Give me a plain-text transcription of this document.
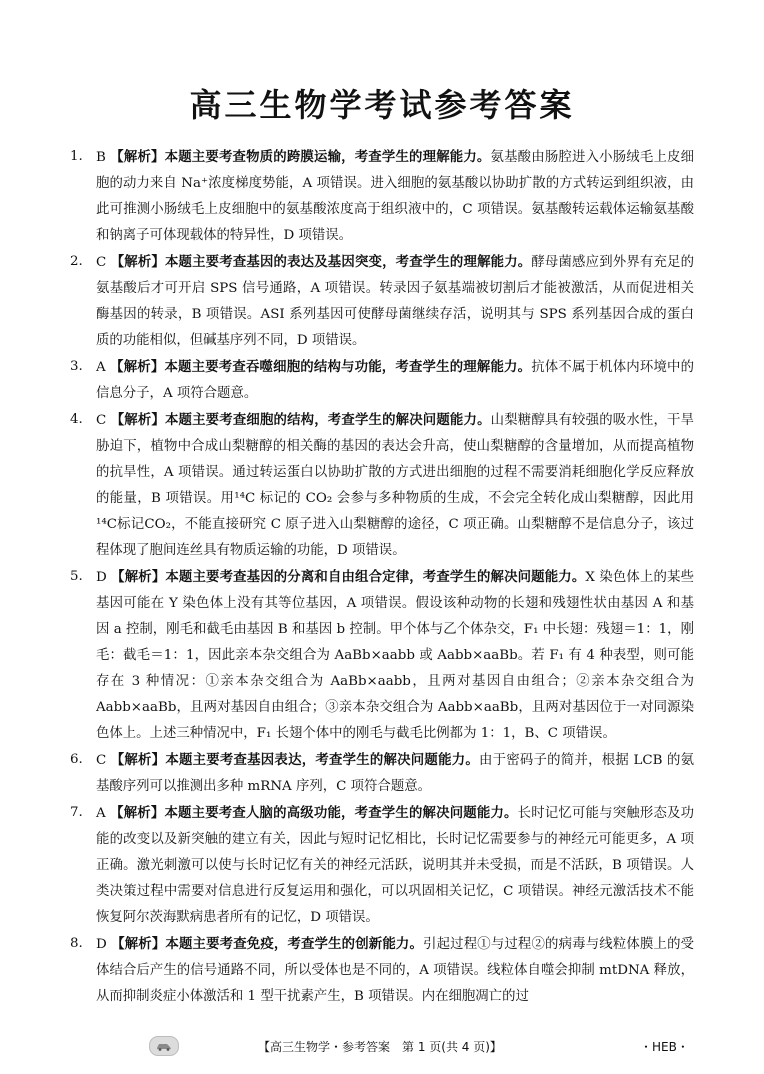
高三生物学考试参考答案

1. B 【解析】本题主要考查物质的跨膜运输，考查学生的理解能力。氨基酸由肠腔进入小肠绒毛上皮细胞的动力来自 Na⁺浓度梯度势能，A 项错误。进入细胞的氨基酸以协助扩散的方式转运到组织液，由此可推测小肠绒毛上皮细胞中的氨基酸浓度高于组织液中的，C 项错误。氨基酸转运载体运输氨基酸和钠离子可体现载体的特异性，D 项错误。

2. C 【解析】本题主要考查基因的表达及基因突变，考查学生的理解能力。酵母菌感应到外界有充足的氨基酸后才可开启 SPS 信号通路，A 项错误。转录因子氨基端被切割后才能被激活，从而促进相关酶基因的转录，B 项错误。ASI 系列基因可使酵母菌继续存活，说明其与 SPS 系列基因合成的蛋白质的功能相似，但碱基序列不同，D 项错误。

3. A 【解析】本题主要考查吞噬细胞的结构与功能，考查学生的理解能力。抗体不属于机体内环境中的信息分子，A 项符合题意。

4. C 【解析】本题主要考查细胞的结构，考查学生的解决问题能力。山梨糖醇具有较强的吸水性，干旱胁迫下，植物中合成山梨糖醇的相关酶的基因的表达会升高，使山梨糖醇的含量增加，从而提高植物的抗旱性，A 项错误。通过转运蛋白以协助扩散的方式进出细胞的过程不需要消耗细胞化学反应释放的能量，B 项错误。用¹⁴C 标记的 CO₂ 会参与多种物质的生成，不会完全转化成山梨糖醇，因此用¹⁴C标记CO₂，不能直接研究 C 原子进入山梨糖醇的途径，C 项正确。山梨糖醇不是信息分子，该过程体现了胞间连丝具有物质运输的功能，D 项错误。

5. D 【解析】本题主要考查基因的分离和自由组合定律，考查学生的解决问题能力。X 染色体上的某些基因可能在 Y 染色体上没有其等位基因，A 项错误。假设该种动物的长翅和残翅性状由基因 A 和基因 a 控制，刚毛和截毛由基因 B 和基因 b 控制。甲个体与乙个体杂交，F₁ 中长翅：残翅＝1：1，刚毛：截毛＝1：1，因此亲本杂交组合为 AaBb×aabb 或 Aabb×aaBb。若 F₁ 有 4 种表型，则可能存在 3 种情况：①亲本杂交组合为 AaBb×aabb，且两对基因自由组合；②亲本杂交组合为 Aabb×aaBb，且两对基因自由组合；③亲本杂交组合为 Aabb×aaBb，且两对基因位于一对同源染色体上。上述三种情况中，F₁ 长翅个体中的刚毛与截毛比例都为 1：1，B、C 项错误。

6. C 【解析】本题主要考查基因表达，考查学生的解决问题能力。由于密码子的简并，根据 LCB 的氨基酸序列可以推测出多种 mRNA 序列，C 项符合题意。

7. A 【解析】本题主要考查人脑的高级功能，考查学生的解决问题能力。长时记忆可能与突触形态及功能的改变以及新突触的建立有关，因此与短时记忆相比，长时记忆需要参与的神经元可能更多，A 项正确。激光刺激可以使与长时记忆有关的神经元活跃，说明其并未受损，而是不活跃，B 项错误。人类决策过程中需要对信息进行反复运用和强化，可以巩固相关记忆，C 项错误。神经元激活技术不能恢复阿尔茨海默病患者所有的记忆，D 项错误。

8. D 【解析】本题主要考查免疫，考查学生的创新能力。引起过程①与过程②的病毒与线粒体膜上的受体结合后产生的信号通路不同，所以受体也是不同的，A 项错误。线粒体自噬会抑制 mtDNA 释放，从而抑制炎症小体激活和 1 型干扰素产生，B 项错误。内在细胞凋亡的过

【高三生物学・参考答案　第 1 页(共 4 页)】	・HEB・
